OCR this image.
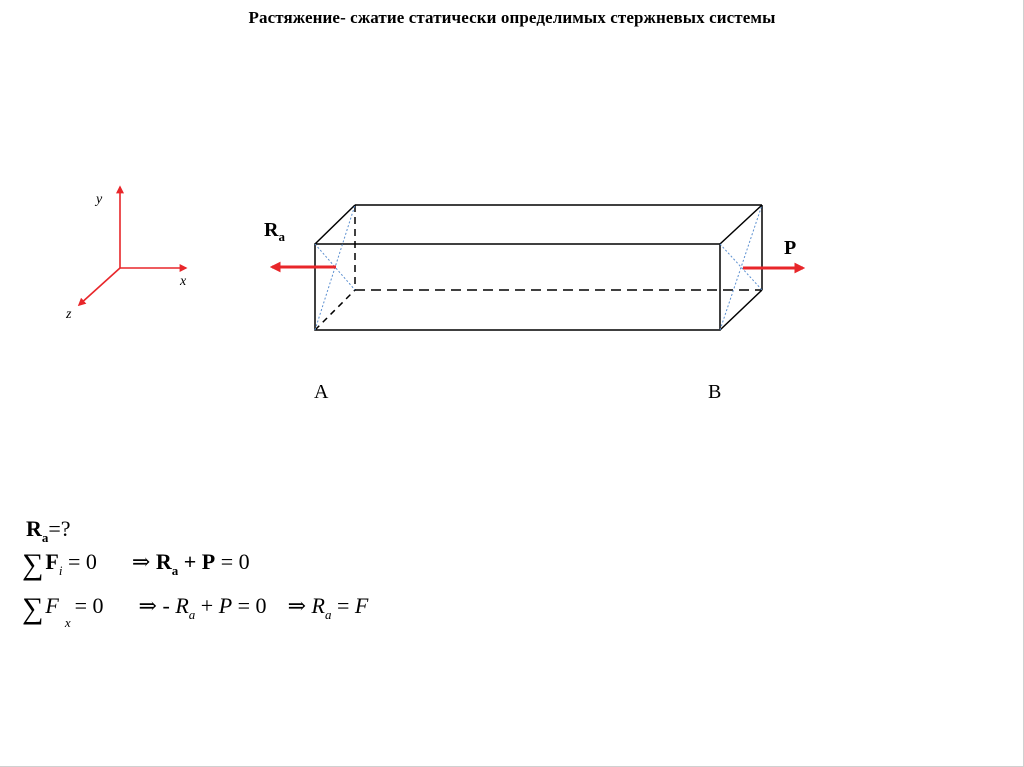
Растяжение- сжатие статически определимых стержневых системы
y
x
z
$R_a$
P
A	B
$R_a=$?
$\sum F_i = 0$ ⇒ $R_a + P = 0$
$\sum F_x= 0$ ⇒ - $R_a + P = 0$ ⇒ $R_a = F$
